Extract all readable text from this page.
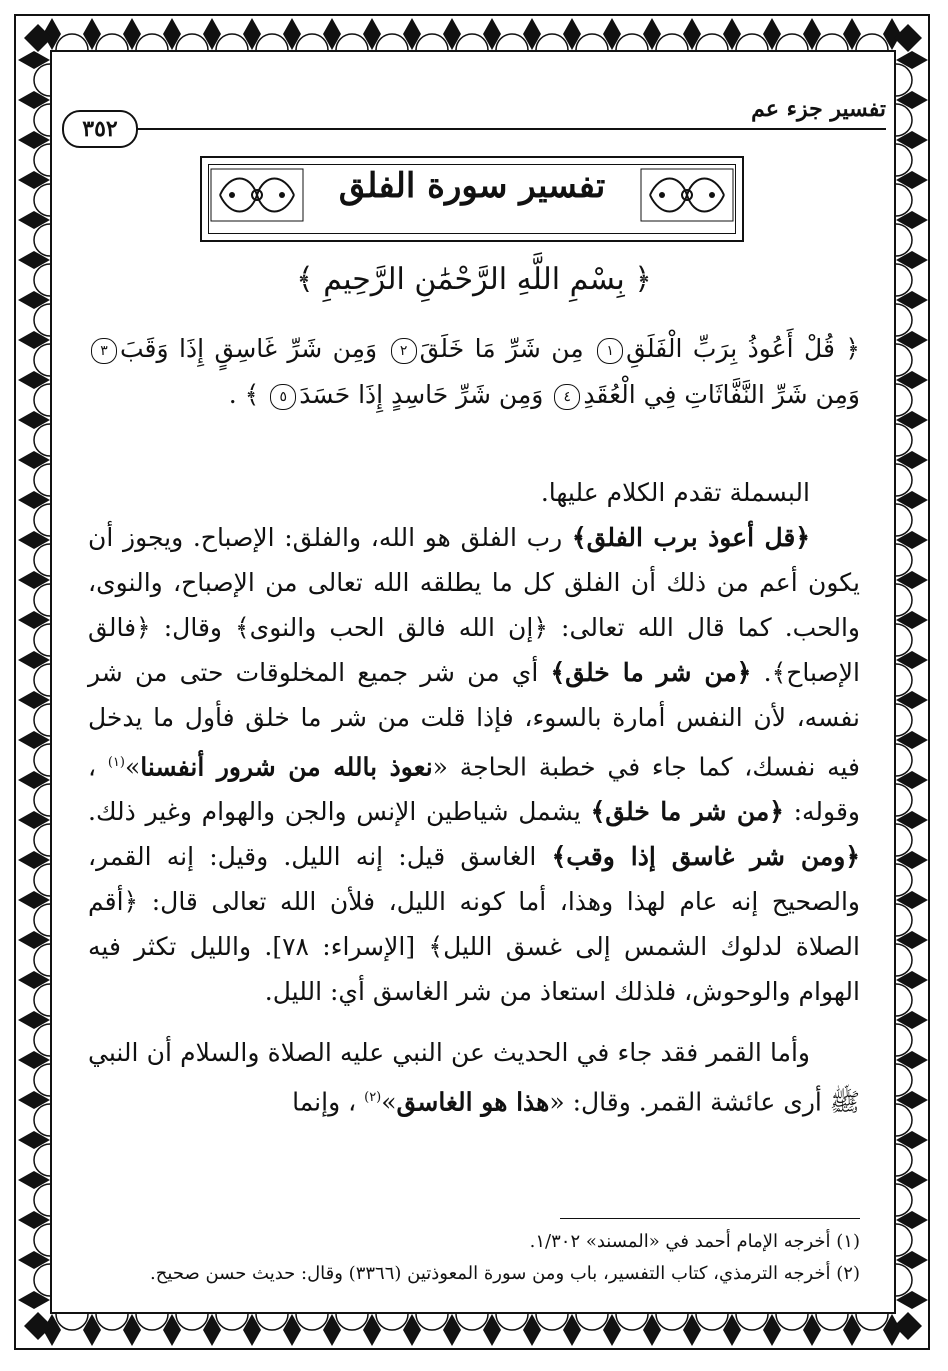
تفسير جزء عم
٣٥٢
تفسير سورة الفلق
﴿ بِسْمِ اللَّهِ الرَّحْمَٰنِ الرَّحِيمِ ﴾
﴿ قُلْ أَعُوذُ بِرَبِّ الْفَلَقِ١ مِن شَرِّ مَا خَلَقَ٢ وَمِن شَرِّ غَاسِقٍ إِذَا وَقَبَ٣ وَمِن شَرِّ النَّفَّاثَاتِ فِي الْعُقَدِ٤ وَمِن شَرِّ حَاسِدٍ إِذَا حَسَدَ٥ ﴾ .

البسملة تقدم الكلام عليها.

﴿قل أعوذ برب الفلق﴾ رب الفلق هو الله، والفلق: الإصباح. ويجوز أن يكون أعم من ذلك أن الفلق كل ما يطلقه الله تعالى من الإصباح، والنوى، والحب. كما قال الله تعالى: ﴿إن الله فالق الحب والنوى﴾ وقال: ﴿فالق الإصباح﴾. ﴿من شر ما خلق﴾ أي من شر جميع المخلوقات حتى من شر نفسه، لأن النفس أمارة بالسوء، فإذا قلت من شر ما خلق فأول ما يدخل فيه نفسك، كما جاء في خطبة الحاجة «نعوذ بالله من شرور أنفسنا»$^{(١)}$ ، وقوله: ﴿من شر ما خلق﴾ يشمل شياطين الإنس والجن والهوام وغير ذلك. ﴿ومن شر غاسق إذا وقب﴾ الغاسق قيل: إنه الليل. وقيل: إنه القمر، والصحيح إنه عام لهذا وهذا، أما كونه الليل، فلأن الله تعالى قال: ﴿أقم الصلاة لدلوك الشمس إلى غسق الليل﴾ [الإسراء: ٧٨]. والليل تكثر فيه الهوام والوحوش، فلذلك استعاذ من شر الغاسق أي: الليل.

وأما القمر فقد جاء في الحديث عن النبي عليه الصلاة والسلام أن النبي ﷺ أرى عائشة القمر. وقال: «هذا هو الغاسق»$^{(٢)}$ ، وإنما

(١) أخرجه الإمام أحمد في «المسند» ١/٣٠٢.
(٢) أخرجه الترمذي، كتاب التفسير، باب ومن سورة المعوذتين (٣٣٦٦) وقال: حديث حسن صحيح.
